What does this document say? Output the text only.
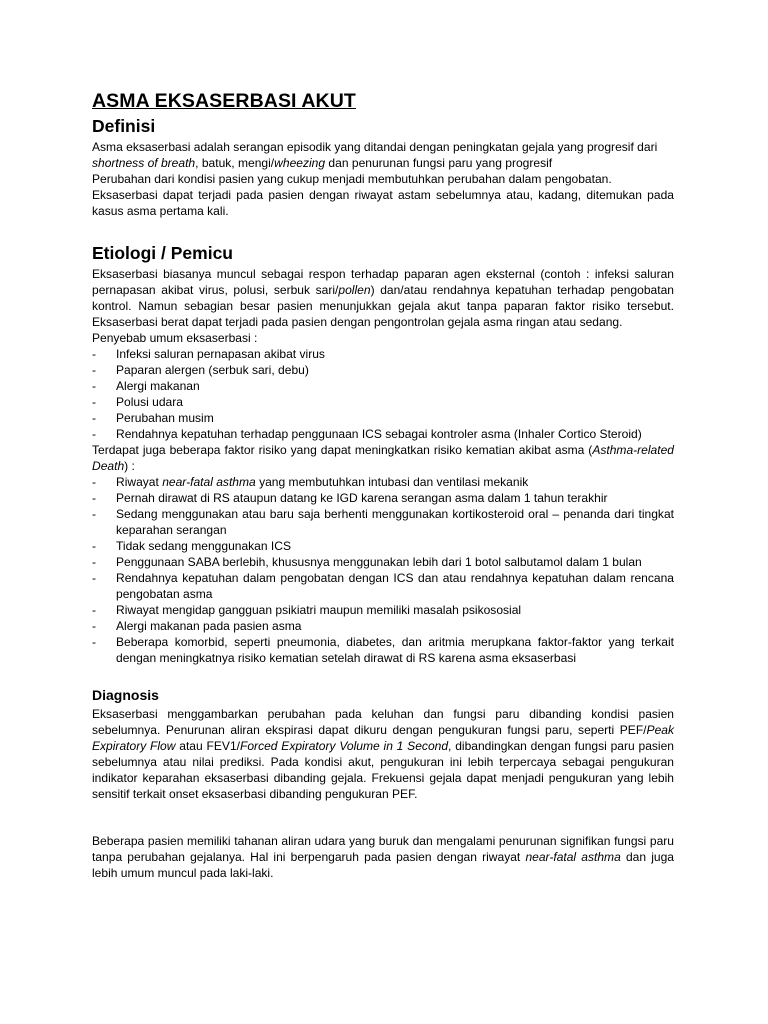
ASMA EKSASERBASI AKUT
Definisi

Asma eksaserbasi adalah serangan episodik yang ditandai dengan peningkatan gejala yang progresif dari shortness of breath, batuk, mengi/wheezing dan penurunan fungsi paru yang progresif

Perubahan dari kondisi pasien yang cukup menjadi membutuhkan perubahan dalam pengobatan.

Eksaserbasi dapat terjadi pada pasien dengan riwayat astam sebelumnya atau, kadang, ditemukan pada kasus asma pertama kali.

Etiologi / Pemicu

Eksaserbasi biasanya muncul sebagai respon terhadap paparan agen eksternal (contoh : infeksi saluran pernapasan akibat virus, polusi, serbuk sari/pollen) dan/atau rendahnya kepatuhan terhadap pengobatan kontrol. Namun sebagian besar pasien menunjukkan gejala akut tanpa paparan faktor risiko tersebut. Eksaserbasi berat dapat terjadi pada pasien dengan pengontrolan gejala asma ringan atau sedang.

Penyebab umum eksaserbasi :

- Infeksi saluran pernapasan akibat virus
- Paparan alergen (serbuk sari, debu)
- Alergi makanan
- Polusi udara
- Perubahan musim
- Rendahnya kepatuhan terhadap penggunaan ICS sebagai kontroler asma (Inhaler Cortico Steroid)

Terdapat juga beberapa faktor risiko yang dapat meningkatkan risiko kematian akibat asma (Asthma-related Death) :

- Riwayat near-fatal asthma yang membutuhkan intubasi dan ventilasi mekanik
- Pernah dirawat di RS ataupun datang ke IGD karena serangan asma dalam 1 tahun terakhir
- Sedang menggunakan atau baru saja berhenti menggunakan kortikosteroid oral – penanda dari tingkat keparahan serangan
- Tidak sedang menggunakan ICS
- Penggunaan SABA berlebih, khususnya menggunakan lebih dari 1 botol salbutamol dalam 1 bulan
- Rendahnya kepatuhan dalam pengobatan dengan ICS dan atau rendahnya kepatuhan dalam rencana pengobatan asma
- Riwayat mengidap gangguan psikiatri maupun memiliki masalah psikososial
- Alergi makanan pada pasien asma
- Beberapa komorbid, seperti pneumonia, diabetes, dan aritmia merupkana faktor-faktor yang terkait dengan meningkatnya risiko kematian setelah dirawat di RS karena asma eksaserbasi
Diagnosis

Eksaserbasi menggambarkan perubahan pada keluhan dan fungsi paru dibanding kondisi pasien sebelumnya. Penurunan aliran ekspirasi dapat dikuru dengan pengukuran fungsi paru, seperti PEF/Peak Expiratory Flow atau FEV1/Forced Expiratory Volume in 1 Second, dibandingkan dengan fungsi paru pasien sebelumnya atau nilai prediksi. Pada kondisi akut, pengukuran ini lebih terpercaya sebagai pengukuran indikator keparahan eksaserbasi dibanding gejala. Frekuensi gejala dapat menjadi pengukuran yang lebih sensitif terkait onset eksaserbasi dibanding pengukuran PEF.

Beberapa pasien memiliki tahanan aliran udara yang buruk dan mengalami penurunan signifikan fungsi paru tanpa perubahan gejalanya. Hal ini berpengaruh pada pasien dengan riwayat near-fatal asthma dan juga lebih umum muncul pada laki-laki.
